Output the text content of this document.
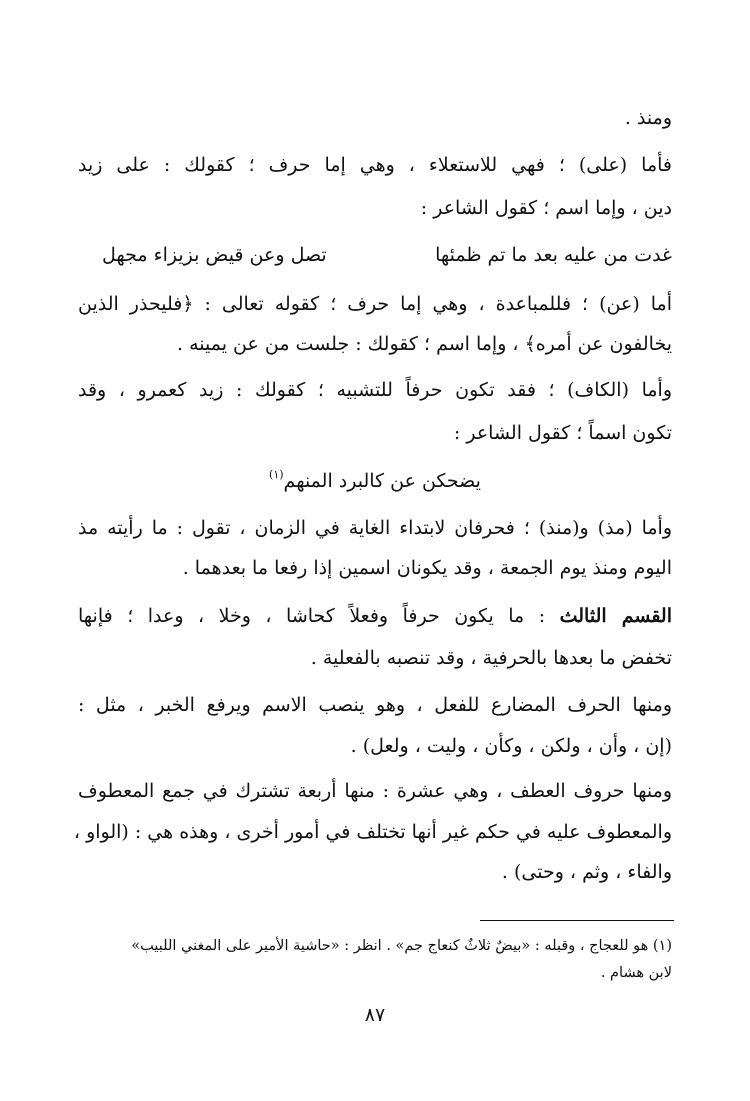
ومنذ .
فأما (على) ؛ فهي للاستعلاء ، وهي إما حرف ؛ كقولك : على زيد
دين ، وإما اسم ؛ كقول الشاعر :
غدت من عليه بعد ما تم ظمئها
تصل وعن قيض بزيزاء مجهل
أما (عن) ؛ فللمباعدة ، وهي إما حرف ؛ كقوله تعالى : ﴿فليحذر الذين
يخالفون عن أمره﴾ ، وإما اسم ؛ كقولك : جلست من عن يمينه .
وأما (الكاف) ؛ فقد تكون حرفاً للتشبيه ؛ كقولك : زيد كعمرو ، وقد
تكون اسماً ؛ كقول الشاعر :
يضحكن عن كالبرد المنهم$^{(١)}$
وأما (مذ) و(منذ) ؛ فحرفان لابتداء الغاية في الزمان ، تقول : ما رأيته مذ
اليوم ومنذ يوم الجمعة ، وقد يكونان اسمين إذا رفعا ما بعدهما .
القسم الثالث : ما يكون حرفاً وفعلاً كحاشا ، وخلا ، وعدا ؛ فإنها
تخفض ما بعدها بالحرفية ، وقد تنصبه بالفعلية .
ومنها الحرف المضارع للفعل ، وهو ينصب الاسم ويرفع الخبر ، مثل :
(إن ، وأن ، ولكن ، وكأن ، وليت ، ولعل) .
ومنها حروف العطف ، وهي عشرة : منها أربعة تشترك في جمع المعطوف
والمعطوف عليه في حكم غير أنها تختلف في أمور أخرى ، وهذه هي : (الواو ،
والفاء ، وثم ، وحتى) .
(١) هو للعجاج ، وقبله : «بيضٌ ثلاثٌ كنعاج جم» . انظر : «حاشية الأمير على المغني اللبيب»
لابن هشام .
٨٧
